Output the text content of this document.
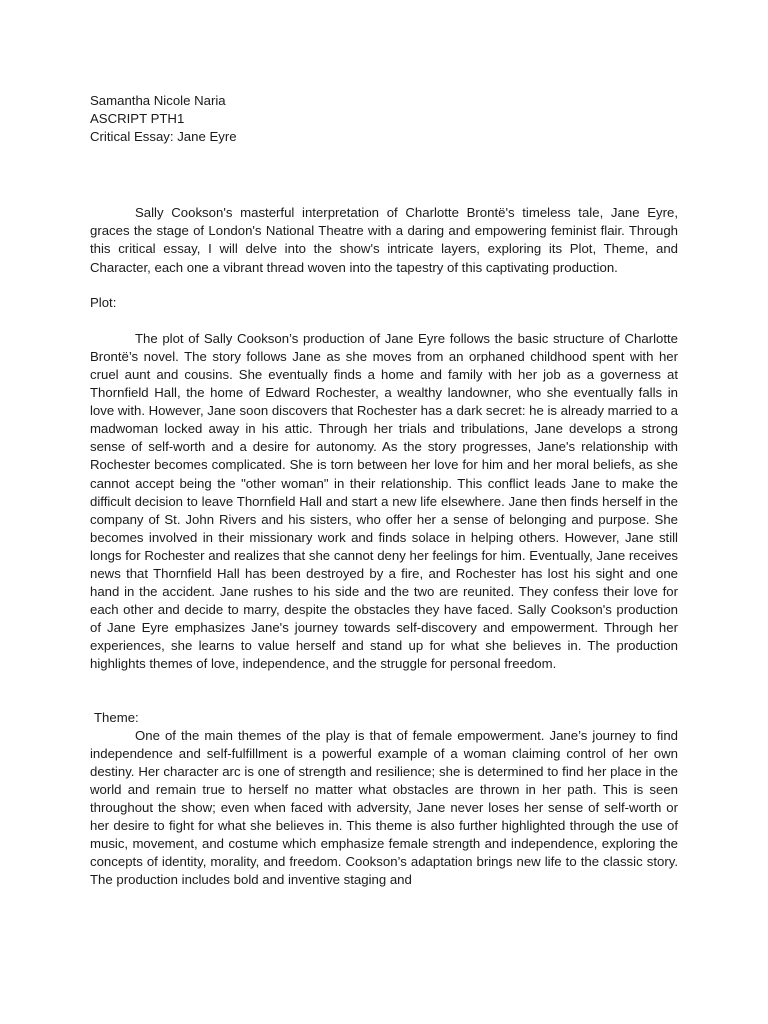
Samantha Nicole Naria
ASCRIPT PTH1
Critical Essay: Jane Eyre

Sally Cookson's masterful interpretation of Charlotte Brontë's timeless tale, Jane Eyre, graces the stage of London's National Theatre with a daring and empowering feminist flair. Through this critical essay, I will delve into the show's intricate layers, exploring its Plot, Theme, and Character, each one a vibrant thread woven into the tapestry of this captivating production.

Plot:

The plot of Sally Cookson’s production of Jane Eyre follows the basic structure of Charlotte Brontë’s novel. The story follows Jane as she moves from an orphaned childhood spent with her cruel aunt and cousins. She eventually finds a home and family with her job as a governess at Thornfield Hall, the home of Edward Rochester, a wealthy landowner, who she eventually falls in love with. However, Jane soon discovers that Rochester has a dark secret: he is already married to a madwoman locked away in his attic. Through her trials and tribulations, Jane develops a strong sense of self-worth and a desire for autonomy. As the story progresses, Jane's relationship with Rochester becomes complicated. She is torn between her love for him and her moral beliefs, as she cannot accept being the "other woman" in their relationship. This conflict leads Jane to make the difficult decision to leave Thornfield Hall and start a new life elsewhere. Jane then finds herself in the company of St. John Rivers and his sisters, who offer her a sense of belonging and purpose. She becomes involved in their missionary work and finds solace in helping others. However, Jane still longs for Rochester and realizes that she cannot deny her feelings for him. Eventually, Jane receives news that Thornfield Hall has been destroyed by a fire, and Rochester has lost his sight and one hand in the accident. Jane rushes to his side and the two are reunited. They confess their love for each other and decide to marry, despite the obstacles they have faced. Sally Cookson's production of Jane Eyre emphasizes Jane's journey towards self-discovery and empowerment. Through her experiences, she learns to value herself and stand up for what she believes in. The production highlights themes of love, independence, and the struggle for personal freedom.

Theme:

One of the main themes of the play is that of female empowerment. Jane’s journey to find independence and self-fulfillment is a powerful example of a woman claiming control of her own destiny. Her character arc is one of strength and resilience; she is determined to find her place in the world and remain true to herself no matter what obstacles are thrown in her path. This is seen throughout the show; even when faced with adversity, Jane never loses her sense of self-worth or her desire to fight for what she believes in. This theme is also further highlighted through the use of music, movement, and costume which emphasize female strength and independence, exploring the concepts of identity, morality, and freedom. Cookson’s adaptation brings new life to the classic story. The production includes bold and inventive staging and
